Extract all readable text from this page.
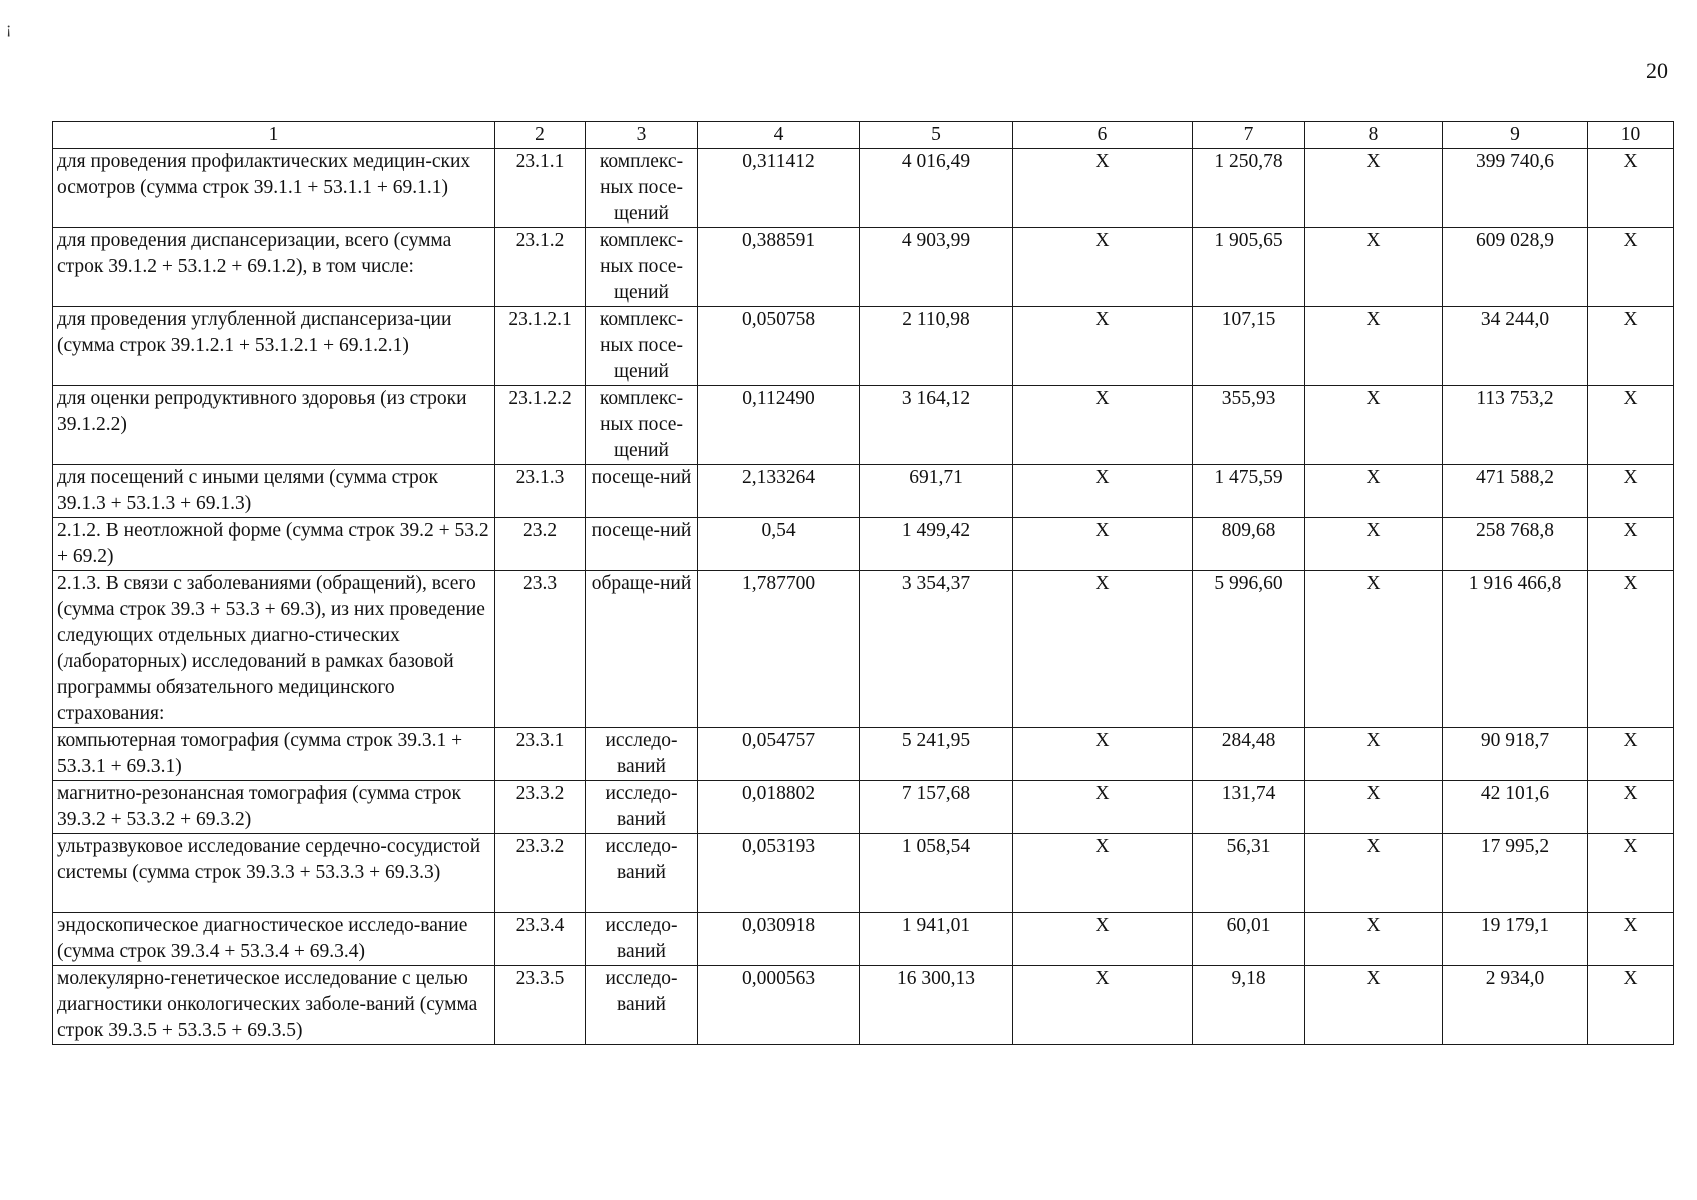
¡
20
1	2	3	4	5	6	7	8	9	10
для проведения профилактических медицин-ских осмотров (сумма строк 39.1.1 + 53.1.1 + 69.1.1)	23.1.1	комплекс-ных посе-щений	0,311412	4 016,49	X	1 250,78	X	399 740,6	X
для проведения диспансеризации, всего (сумма строк 39.1.2 + 53.1.2 + 69.1.2), в том числе:	23.1.2	комплекс-ных посе-щений	0,388591	4 903,99	X	1 905,65	X	609 028,9	X
для проведения углубленной диспансериза-ции (сумма строк 39.1.2.1 + 53.1.2.1 + 69.1.2.1)	23.1.2.1	комплекс-ных посе-щений	0,050758	2 110,98	X	107,15	X	34 244,0	X
для оценки репродуктивного здоровья (из строки 39.1.2.2)	23.1.2.2	комплекс-ных посе-щений	0,112490	3 164,12	X	355,93	X	113 753,2	X
для посещений с иными целями (сумма строк 39.1.3 + 53.1.3 + 69.1.3)	23.1.3	посеще-ний	2,133264	691,71	X	1 475,59	X	471 588,2	X
2.1.2. В неотложной форме (сумма строк 39.2 + 53.2 + 69.2)	23.2	посеще-ний	0,54	1 499,42	X	809,68	X	258 768,8	X
2.1.3. В связи с заболеваниями (обращений), всего (сумма строк 39.3 + 53.3 + 69.3), из них проведение следующих отдельных диагно-стических (лабораторных) исследований в рамках базовой программы обязательного медицинского страхования:	23.3	обраще-ний	1,787700	3 354,37	X	5 996,60	X	1 916 466,8	X
компьютерная томография (сумма строк 39.3.1 + 53.3.1 + 69.3.1)	23.3.1	исследо-ваний	0,054757	5 241,95	X	284,48	X	90 918,7	X
магнитно-резонансная томография (сумма строк 39.3.2 + 53.3.2 + 69.3.2)	23.3.2	исследо-ваний	0,018802	7 157,68	X	131,74	X	42 101,6	X
ультразвуковое исследование сердечно-сосудистой системы (сумма строк 39.3.3 + 53.3.3 + 69.3.3)	23.3.2	исследо-ваний	0,053193	1 058,54	X	56,31	X	17 995,2	X
эндоскопическое диагностическое исследо-вание (сумма строк 39.3.4 + 53.3.4 + 69.3.4)	23.3.4	исследо-ваний	0,030918	1 941,01	X	60,01	X	19 179,1	X
молекулярно-генетическое исследование с целью диагностики онкологических заболе-ваний (сумма строк 39.3.5 + 53.3.5 + 69.3.5)	23.3.5	исследо-ваний	0,000563	16 300,13	X	9,18	X	2 934,0	X
